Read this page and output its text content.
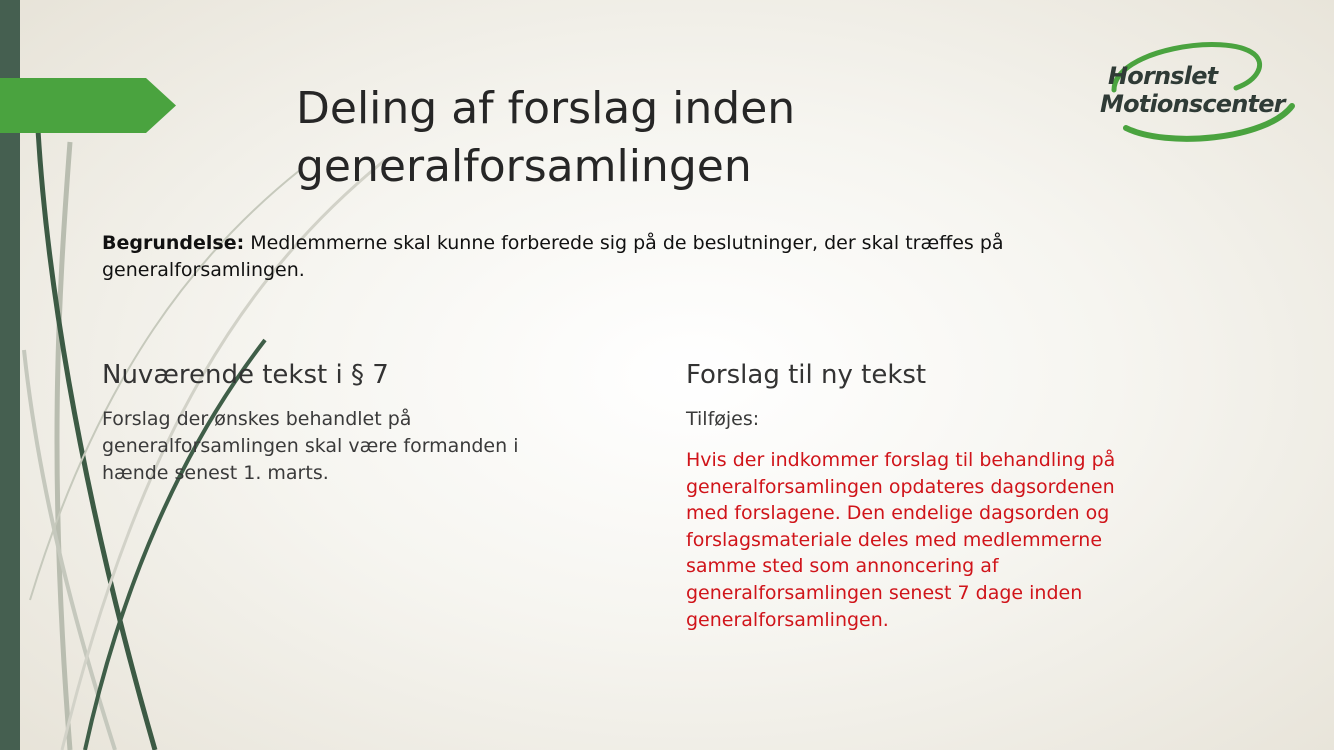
Hornslet
Motionscenter
Deling af forslag inden
generalforsamlingen
Begrundelse: Medlemmerne skal kunne forberede sig på de beslutninger, der skal træffes på generalforsamlingen.
Nuværende tekst i § 7
Forslag der ønskes behandlet på
generalforsamlingen skal være formanden i
hænde senest 1. marts.
Forslag til ny tekst
Tilføjes:
Hvis der indkommer forslag til behandling på
generalforsamlingen opdateres dagsordenen
med forslagene. Den endelige dagsorden og
forslagsmateriale deles med medlemmerne
samme sted som annoncering af
generalforsamlingen senest 7 dage inden
generalforsamlingen.
